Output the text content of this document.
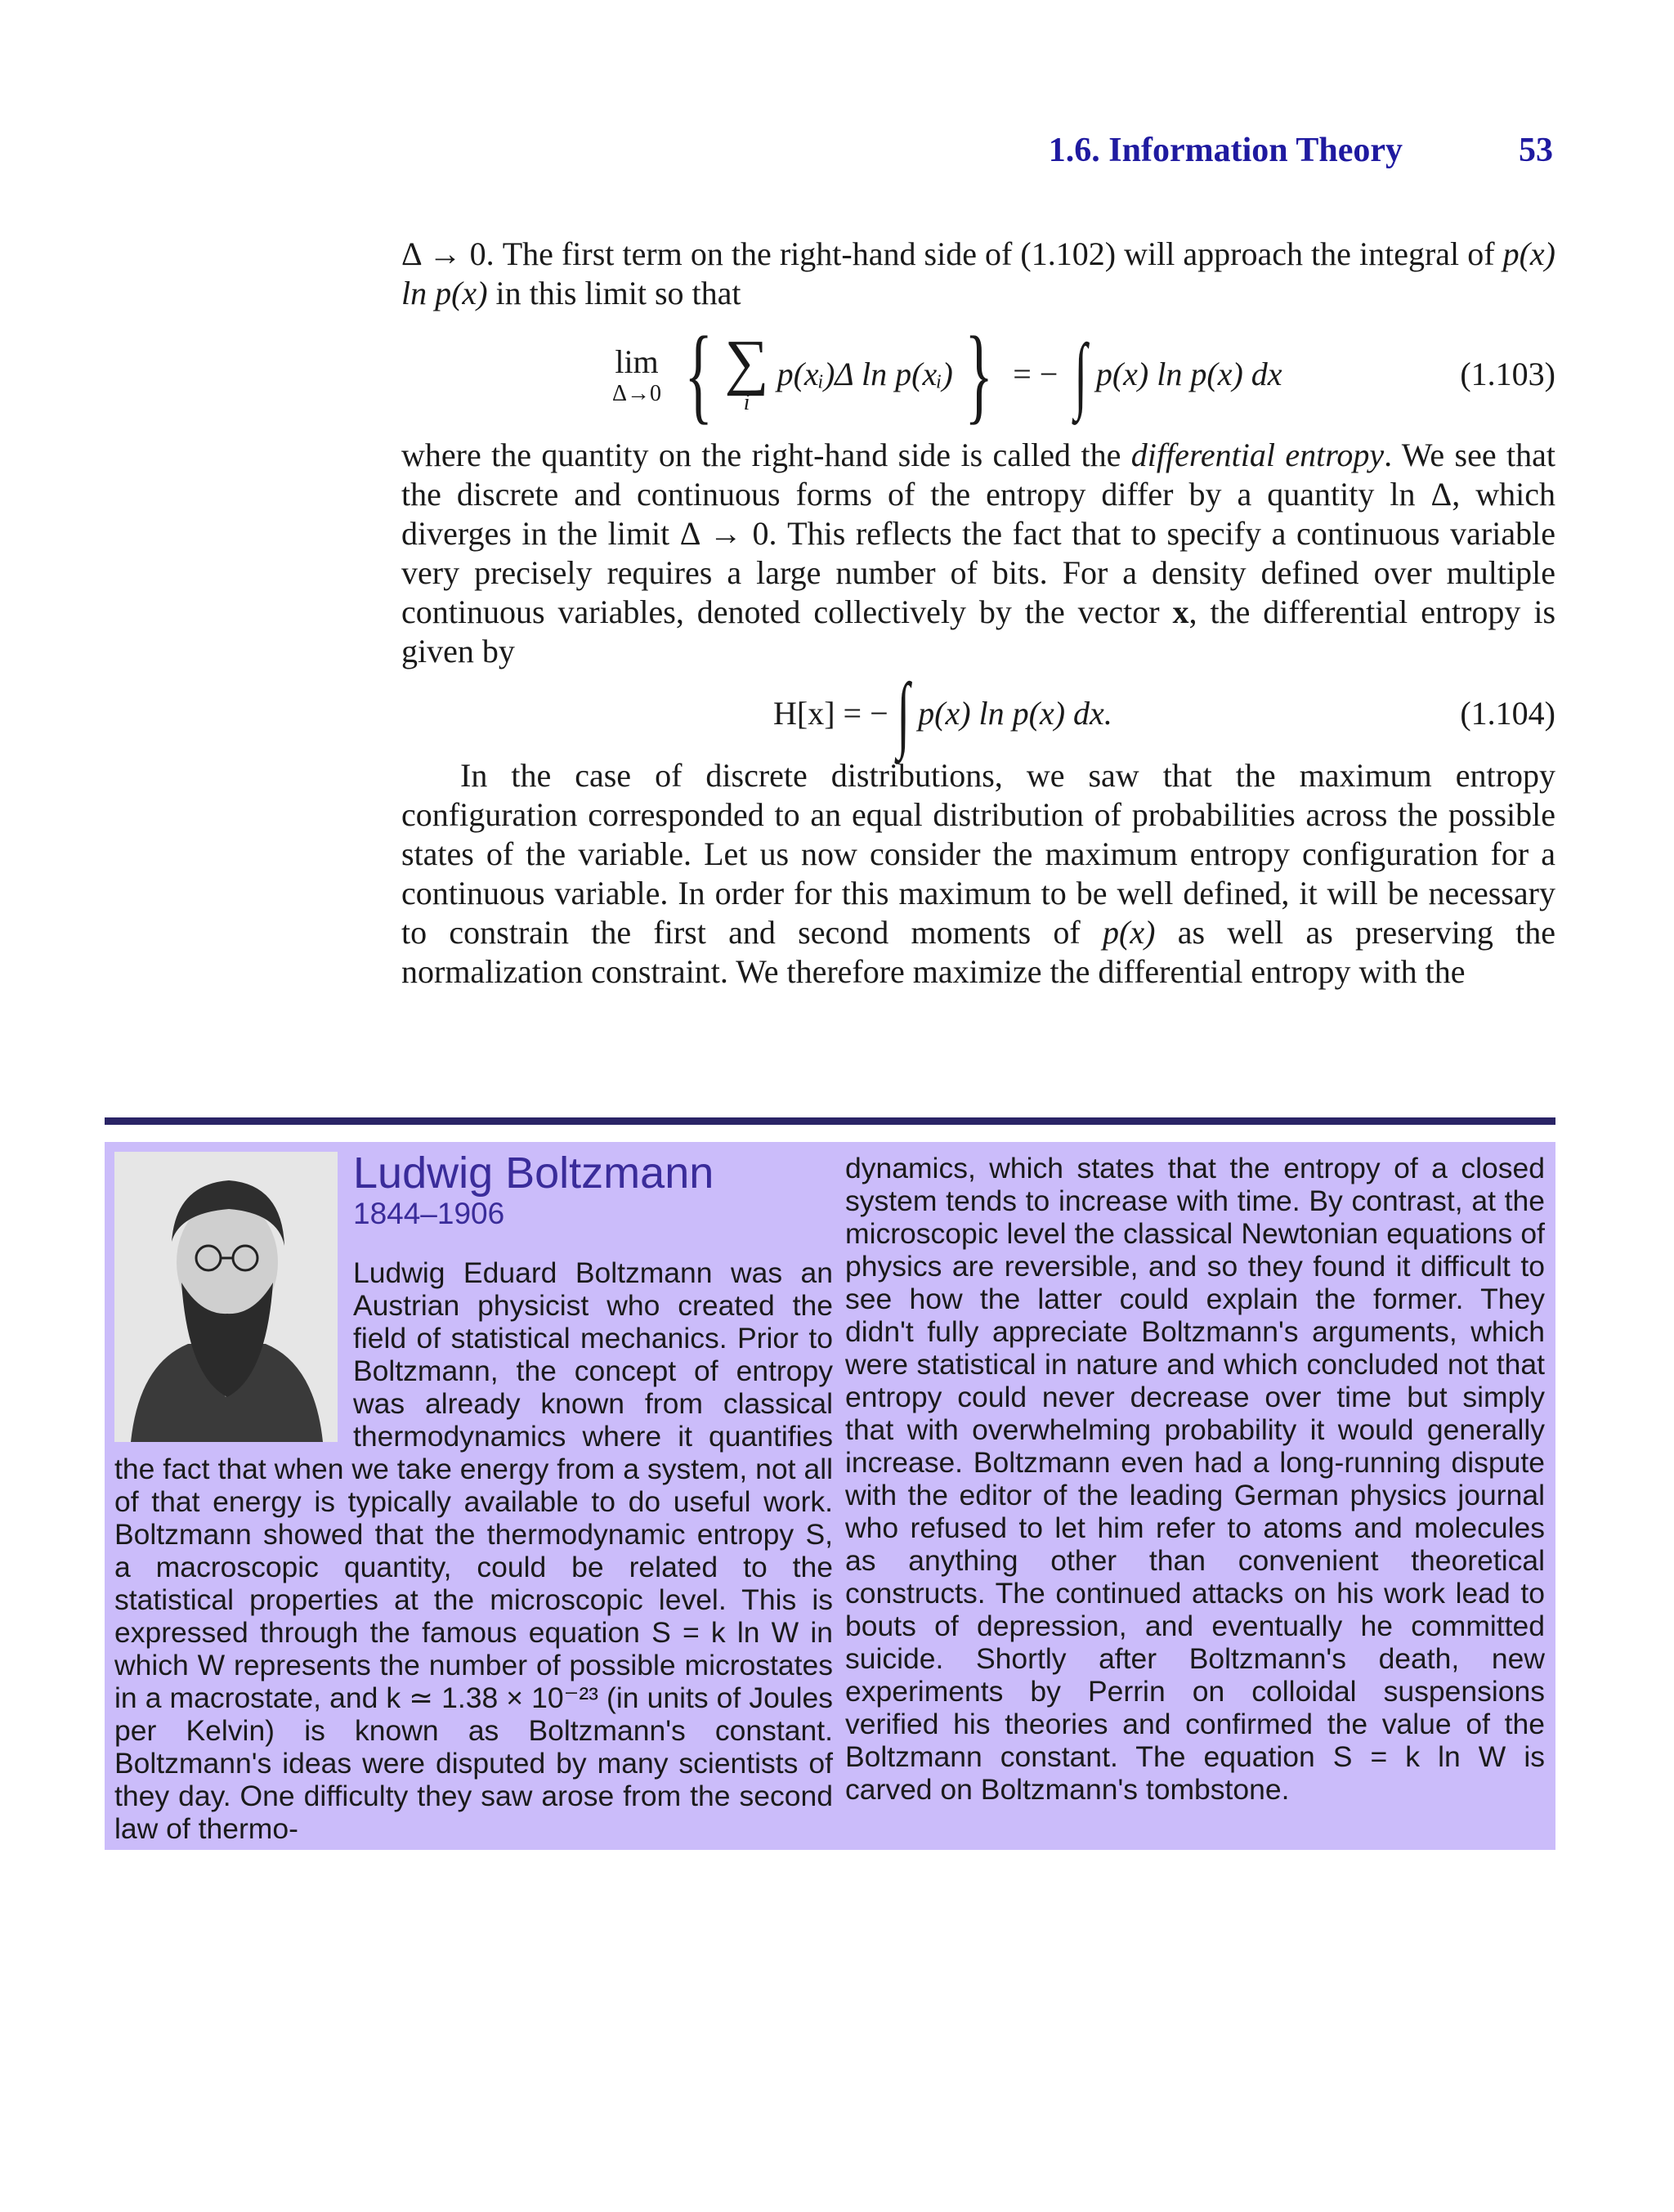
1.6. Information Theory	53

Δ → 0. The first term on the right-hand side of (1.102) will approach the integral of p(x) ln p(x) in this limit so that

lim
Δ→0 { ∑
i
p(xᵢ)Δ ln p(xᵢ) } = − ∫ p(x) ln p(x) dx	(1.103)

where the quantity on the right-hand side is called the differential entropy. We see that the discrete and continuous forms of the entropy differ by a quantity ln Δ, which diverges in the limit Δ → 0. This reflects the fact that to specify a continuous variable very precisely requires a large number of bits. For a density defined over multiple continuous variables, denoted collectively by the vector x, the differential entropy is given by

H[x] = − ∫ p(x) ln p(x) dx.	(1.104)

In the case of discrete distributions, we saw that the maximum entropy configuration corresponded to an equal distribution of probabilities across the possible states of the variable. Let us now consider the maximum entropy configuration for a continuous variable. In order for this maximum to be well defined, it will be necessary to constrain the first and second moments of p(x) as well as preserving the normalization constraint. We therefore maximize the differential entropy with the

Ludwig Boltzmann
1844–1906

Ludwig Eduard Boltzmann was an Austrian physicist who created the field of statistical mechanics. Prior to Boltzmann, the concept of entropy was already known from classical thermodynamics where it quantifies the fact that when we take energy from a system, not all of that energy is typically available to do useful work. Boltzmann showed that the thermodynamic entropy S, a macroscopic quantity, could be related to the statistical properties at the microscopic level. This is expressed through the famous equation S = k ln W in which W represents the number of possible microstates in a macrostate, and k ≃ 1.38 × 10⁻²³ (in units of Joules per Kelvin) is known as Boltzmann's constant. Boltzmann's ideas were disputed by many scientists of they day. One difficulty they saw arose from the second law of thermo-

dynamics, which states that the entropy of a closed system tends to increase with time. By contrast, at the microscopic level the classical Newtonian equations of physics are reversible, and so they found it difficult to see how the latter could explain the former. They didn't fully appreciate Boltzmann's arguments, which were statistical in nature and which concluded not that entropy could never decrease over time but simply that with overwhelming probability it would generally increase. Boltzmann even had a long-running dispute with the editor of the leading German physics journal who refused to let him refer to atoms and molecules as anything other than convenient theoretical constructs. The continued attacks on his work lead to bouts of depression, and eventually he committed suicide. Shortly after Boltzmann's death, new experiments by Perrin on colloidal suspensions verified his theories and confirmed the value of the Boltzmann constant. The equation S = k ln W is carved on Boltzmann's tombstone.
